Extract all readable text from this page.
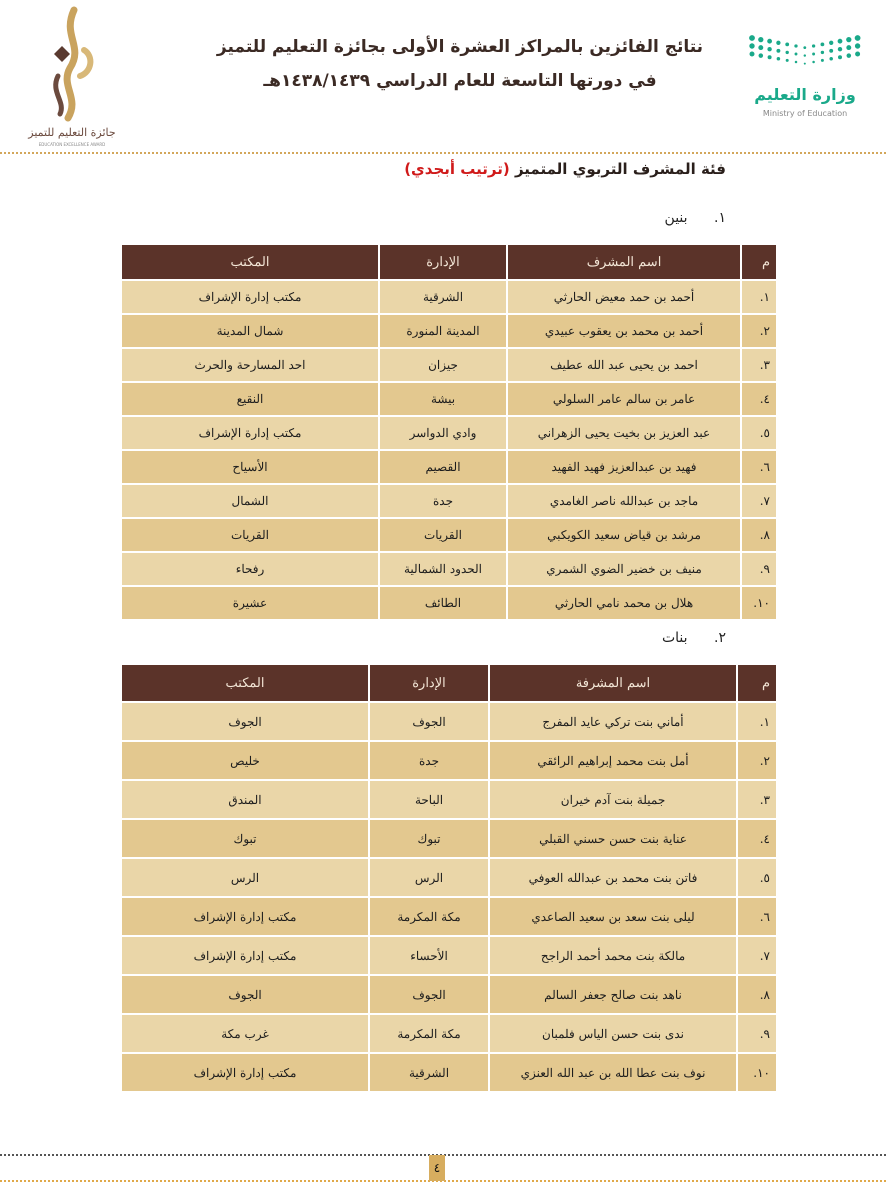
جائزة التعليم للتميز
EDUCATION EXCELLENCE AWARD
نتائج الفائزين بالمراكز العشرة الأولى بجائزة التعليم للتميز
في دورتها التاسعة للعام الدراسي ١٤٣٨/١٤٣٩هـ
وزارة التعليم
Ministry of Education
فئة المشرف التربوي المتميز (ترتيب أبجدي)
١. بنين
م	اسم المشرف	الإدارة	المكتب
١.	أحمد بن حمد معيض الحارثي	الشرقية	مكتب إدارة الإشراف
٢.	أحمد بن محمد بن يعقوب عبيدي	المدينة المنورة	شمال المدينة
٣.	احمد بن يحيى عبد الله عطيف	جيزان	احد المسارحة والحرث
٤.	عامر بن سالم عامر السلولي	بيشة	النقيع
٥.	عبد العزيز بن بخيت يحيى الزهراني	وادي الدواسر	مكتب إدارة الإشراف
٦.	فهيد بن عبدالعزيز فهيد الفهيد	القصيم	الأسياح
٧.	ماجد بن عبدالله ناصر الغامدي	جدة	الشمال
٨.	مرشد بن قياض سعيد الكويكبي	القريات	القريات
٩.	منيف بن خضير الضوي الشمري	الحدود الشمالية	رفحاء
١٠.	هلال بن محمد نامي الحارثي	الطائف	عشيرة
٢. بنات
م	اسم المشرفة	الإدارة	المكتب
١.	أماني بنت تركي عايد المفرج	الجوف	الجوف
٢.	أمل بنت محمد إبراهيم الرائقي	جدة	خليص
٣.	جميلة بنت آدم خيران	الباحة	المندق
٤.	عناية بنت حسن حسني القبلي	تبوك	تبوك
٥.	فاتن بنت محمد بن عبدالله العوفي	الرس	الرس
٦.	ليلى بنت سعد بن سعيد الصاعدي	مكة المكرمة	مكتب إدارة الإشراف
٧.	مالكة بنت محمد أحمد الراجح	الأحساء	مكتب إدارة الإشراف
٨.	ناهد بنت صالح جعفر السالم	الجوف	الجوف
٩.	ندى بنت حسن الياس فلمبان	مكة المكرمة	غرب مكة
١٠.	نوف بنت عطا الله بن عبد الله العنزي	الشرقية	مكتب إدارة الإشراف
٤
